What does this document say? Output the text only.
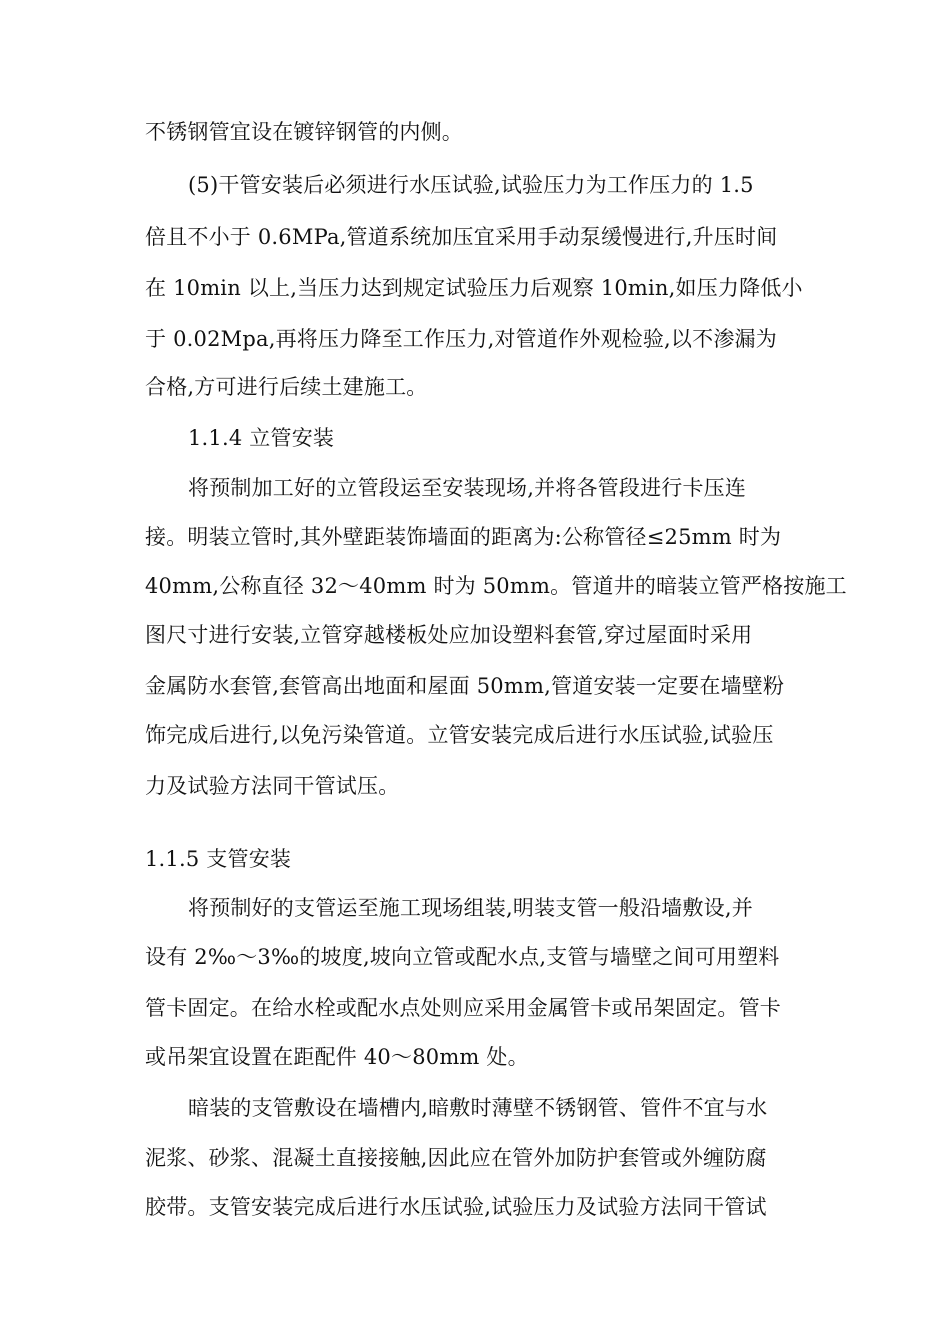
不锈钢管宜设在镀锌钢管的内侧。
(5)干管安装后必须进行水压试验,试验压力为工作压力的 1.5
倍且不小于 0.6MPa,管道系统加压宜采用手动泵缓慢进行,升压时间
在 10min 以上,当压力达到规定试验压力后观察 10min,如压力降低小
于 0.02Mpa,再将压力降至工作压力,对管道作外观检验,以不渗漏为
合格,方可进行后续土建施工。
1.1.4 立管安装
将预制加工好的立管段运至安装现场,并将各管段进行卡压连
接。明装立管时,其外壁距装饰墙面的距离为:公称管径≤25mm 时为
40mm,公称直径 32～40mm 时为 50mm。管道井的暗装立管严格按施工
图尺寸进行安装,立管穿越楼板处应加设塑料套管,穿过屋面时采用
金属防水套管,套管高出地面和屋面 50mm,管道安装一定要在墙壁粉
饰完成后进行,以免污染管道。立管安装完成后进行水压试验,试验压
力及试验方法同干管试压。
1.1.5 支管安装
将预制好的支管运至施工现场组装,明装支管一般沿墙敷设,并
设有 2‰～3‰的坡度,坡向立管或配水点,支管与墙壁之间可用塑料
管卡固定。在给水栓或配水点处则应采用金属管卡或吊架固定。管卡
或吊架宜设置在距配件 40～80mm 处。
暗装的支管敷设在墙槽内,暗敷时薄壁不锈钢管、管件不宜与水
泥浆、砂浆、混凝土直接接触,因此应在管外加防护套管或外缠防腐
胶带。支管安装完成后进行水压试验,试验压力及试验方法同干管试
